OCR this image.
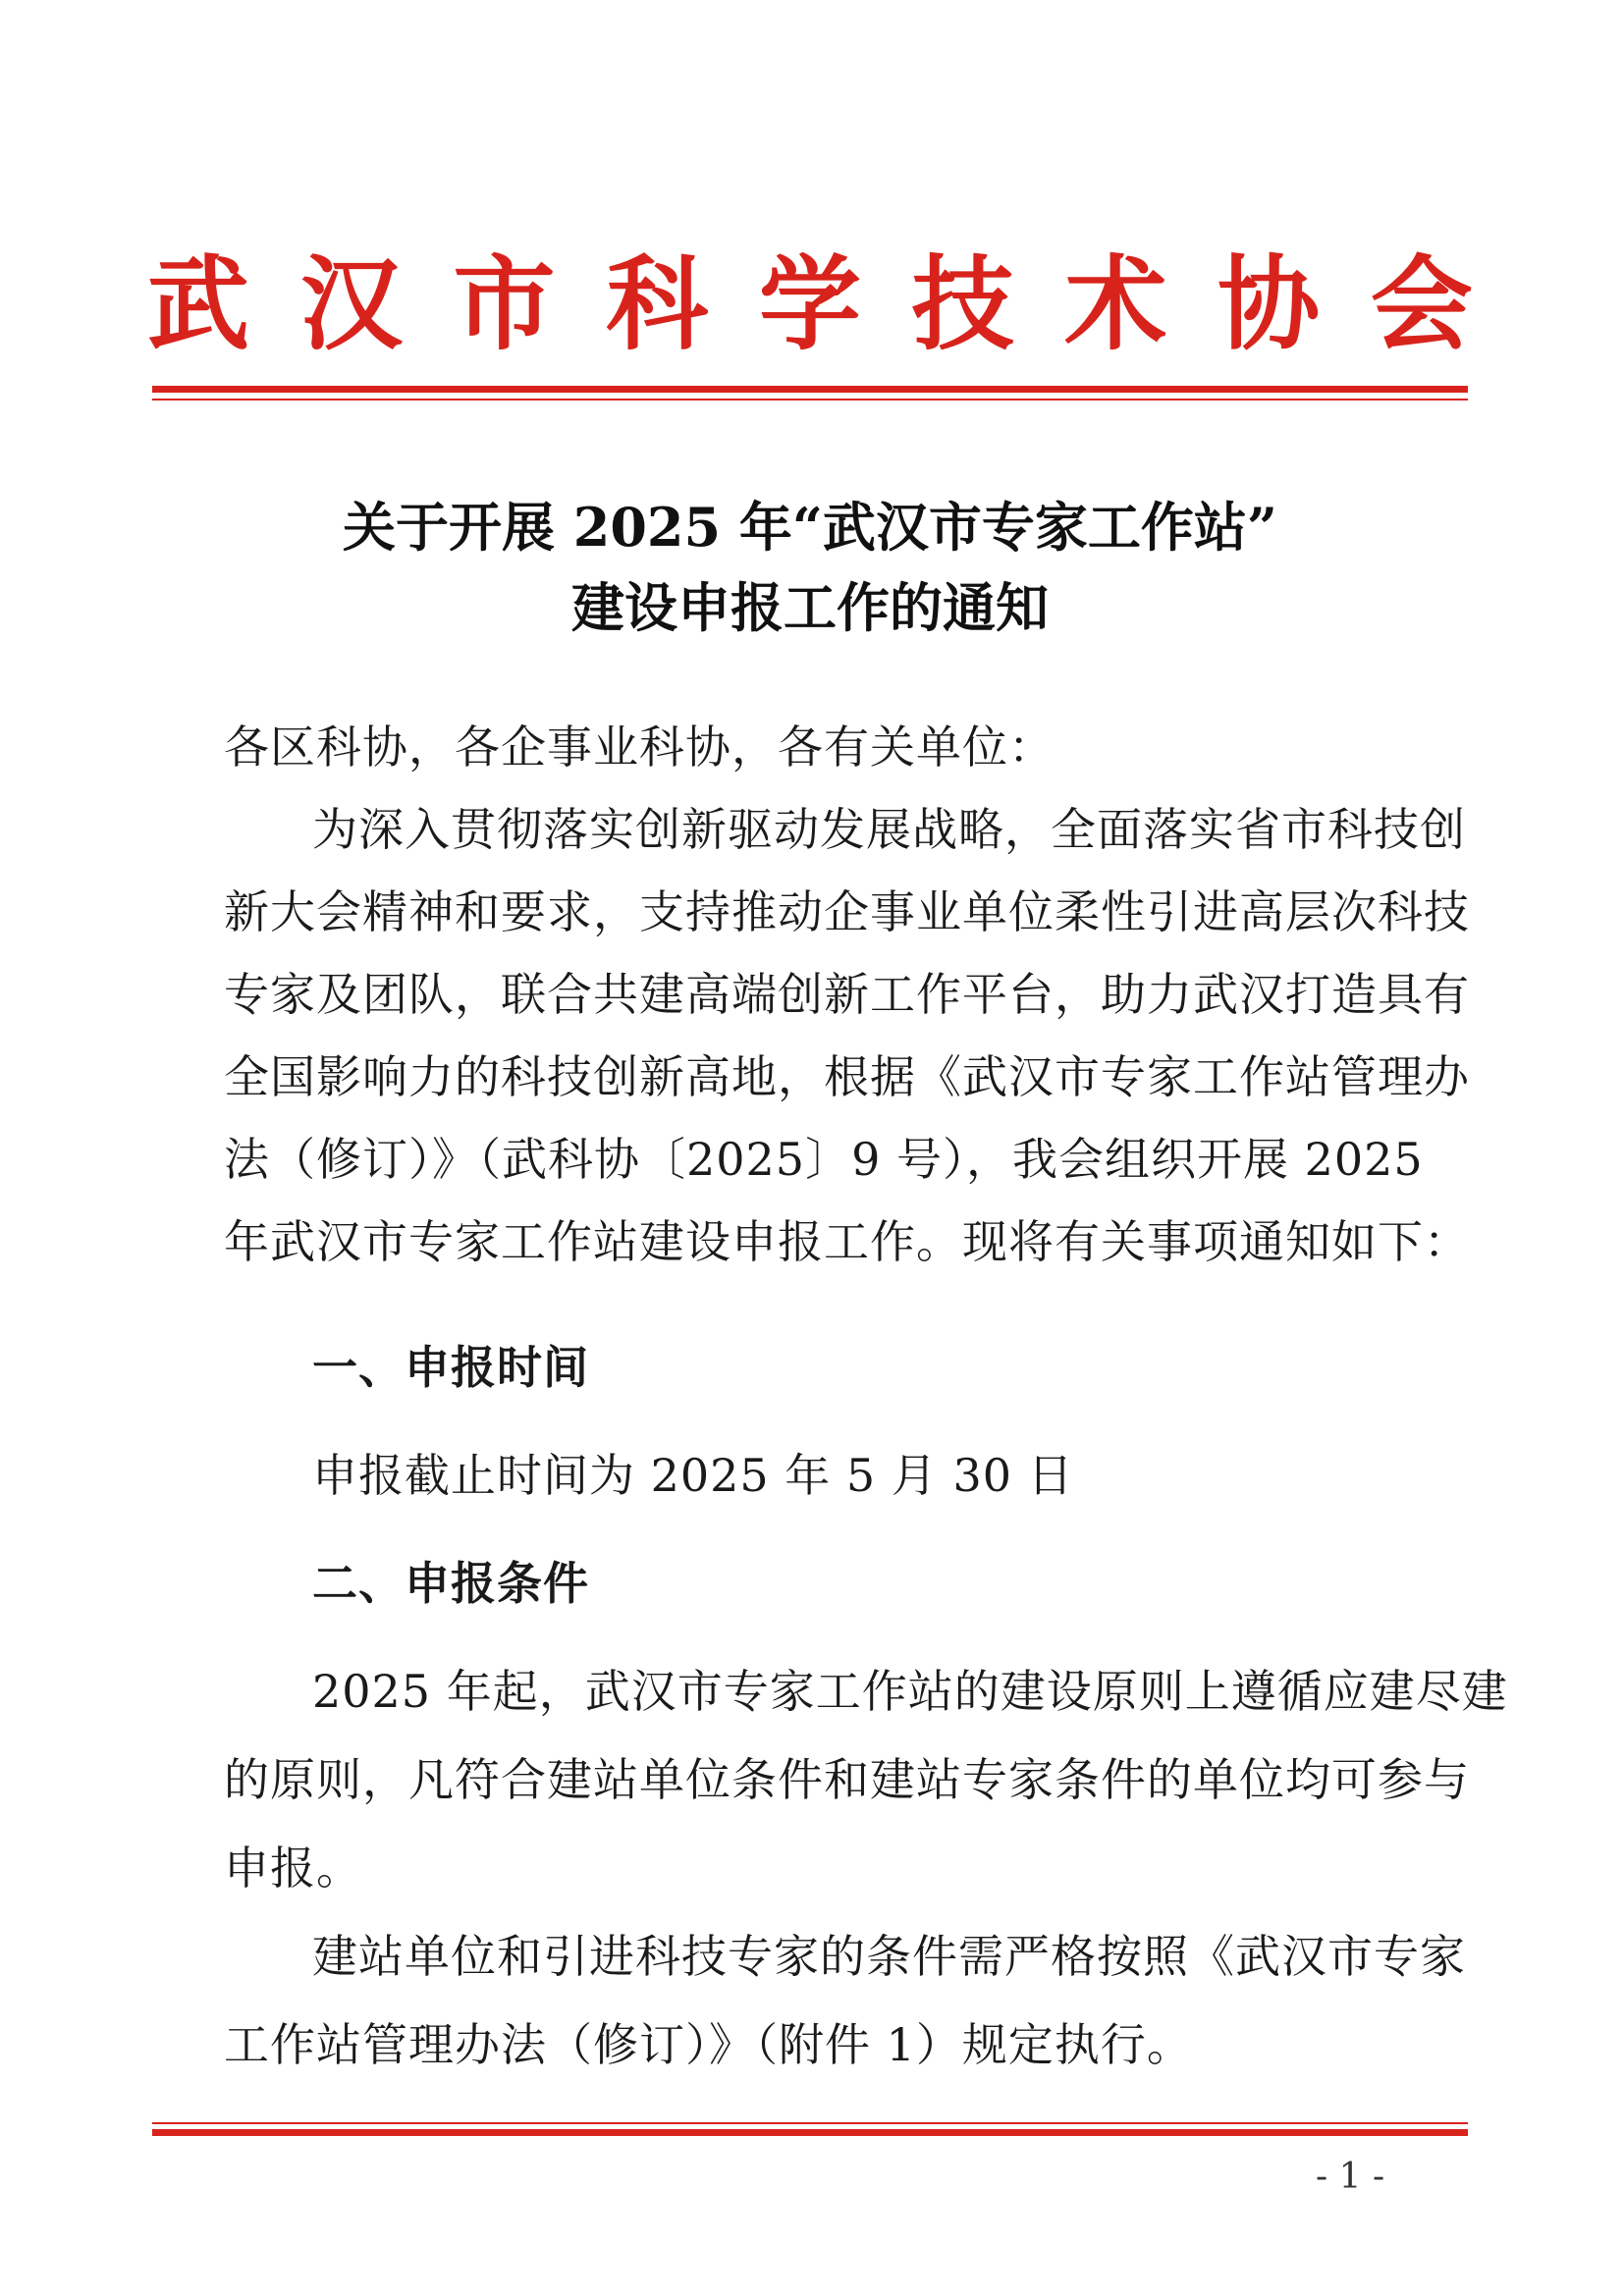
武 汉 市 科 学 技 术 协 会
关于开展 2025 年“武汉市专家工作站”
建设申报工作的通知
各区科协，各企事业科协，各有关单位：
为深入贯彻落实创新驱动发展战略，全面落实省市科技创
新大会精神和要求，支持推动企事业单位柔性引进高层次科技
专家及团队，联合共建高端创新工作平台，助力武汉打造具有
全国影响力的科技创新高地，根据《武汉市专家工作站管理办
法（修订）》（武科协〔2025〕9 号），我会组织开展 2025
年武汉市专家工作站建设申报工作。现将有关事项通知如下：
一、申报时间
申报截止时间为 2025 年 5 月 30 日
二、申报条件
2025 年起，武汉市专家工作站的建设原则上遵循应建尽建
的原则，凡符合建站单位条件和建站专家条件的单位均可参与
申报。
建站单位和引进科技专家的条件需严格按照《武汉市专家
工作站管理办法（修订）》（附件 1）规定执行。
- 1 -
